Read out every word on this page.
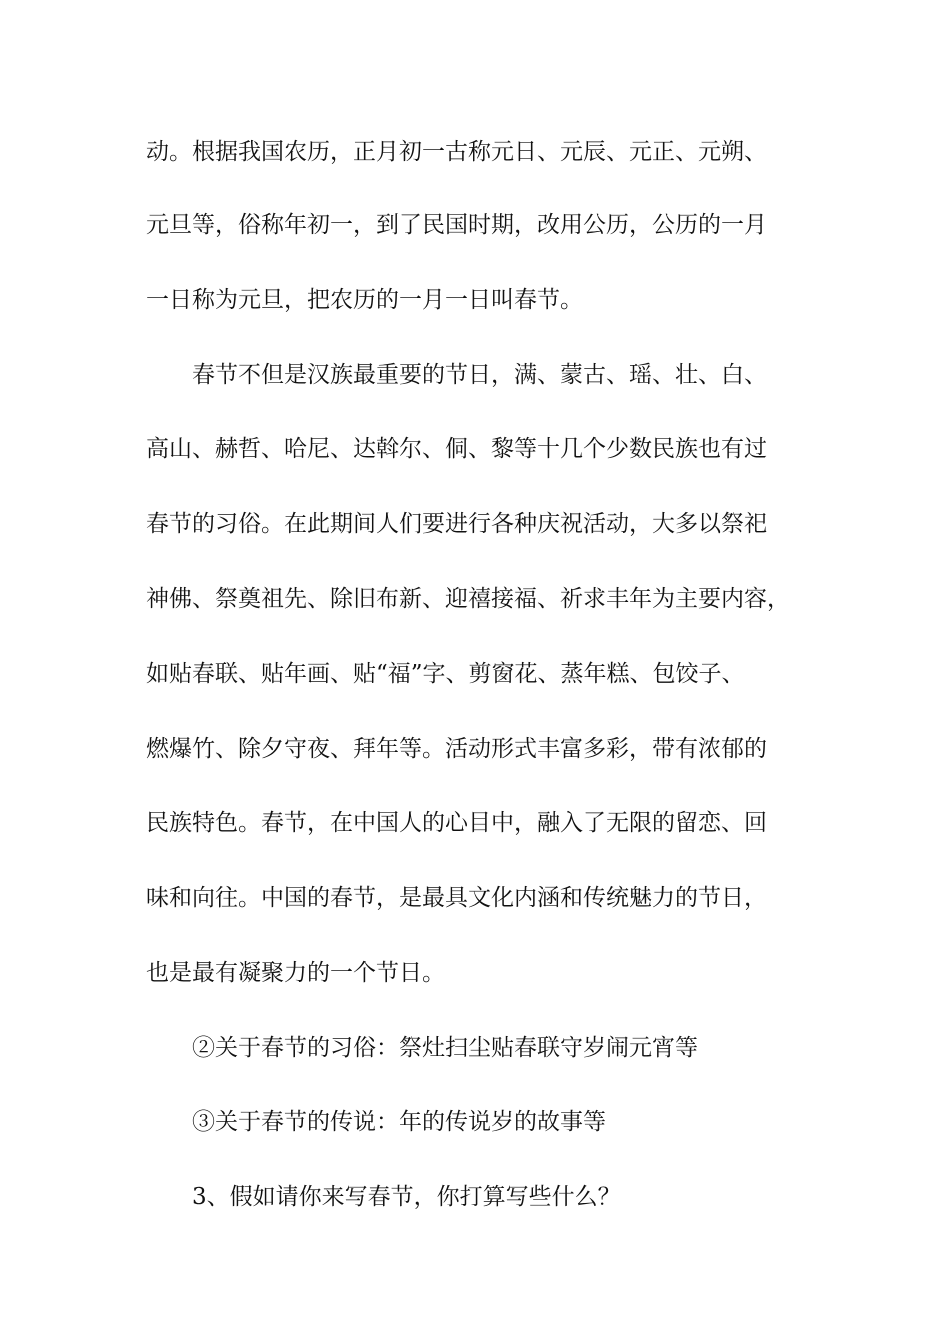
动。根据我国农历，正月初一古称元日、元辰、元正、元朔、
元旦等，俗称年初一，到了民国时期，改用公历，公历的一月
一日称为元旦，把农历的一月一日叫春节。
春节不但是汉族最重要的节日，满、蒙古、瑶、壮、白、
高山、赫哲、哈尼、达斡尔、侗、黎等十几个少数民族也有过
春节的习俗。在此期间人们要进行各种庆祝活动，大多以祭祀
神佛、祭奠祖先、除旧布新、迎禧接福、祈求丰年为主要内容，
如贴春联、贴年画、贴“福”字、剪窗花、蒸年糕、包饺子、
燃爆竹、除夕守夜、拜年等。活动形式丰富多彩，带有浓郁的
民族特色。春节，在中国人的心目中，融入了无限的留恋、回
味和向往。中国的春节，是最具文化内涵和传统魅力的节日，
也是最有凝聚力的一个节日。
②关于春节的习俗：祭灶扫尘贴春联守岁闹元宵等
③关于春节的传说：年的传说岁的故事等
3、假如请你来写春节，你打算写些什么？
